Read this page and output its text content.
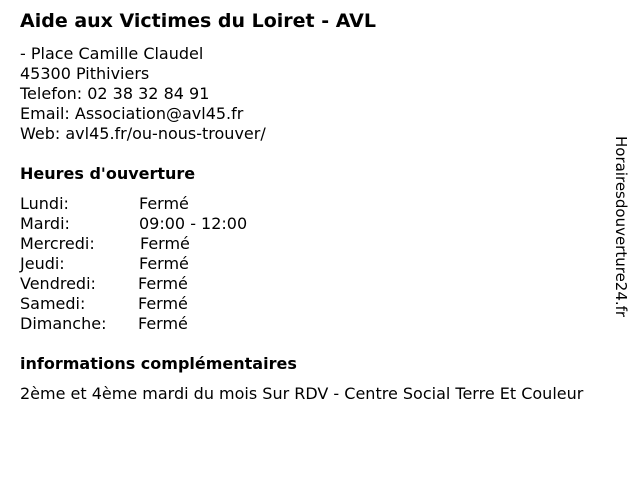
Aide aux Victimes du Loiret - AVL
- Place Camille Claudel
45300 Pithiviers
Telefon: 02 38 32 84 91
Email: Association@avl45.fr
Web: avl45.fr/ou-nous-trouver/
Heures d'ouverture
Lundi:	Fermé
Mardi:	09:00 - 12:00
Mercredi:	Fermé
Jeudi:	Fermé
Vendredi:	Fermé
Samedi:	Fermé
Dimanche: Fermé
informations complémentaires
2ème et 4ème mardi du mois Sur RDV - Centre Social Terre Et Couleur
Horairesdouverture24.fr
